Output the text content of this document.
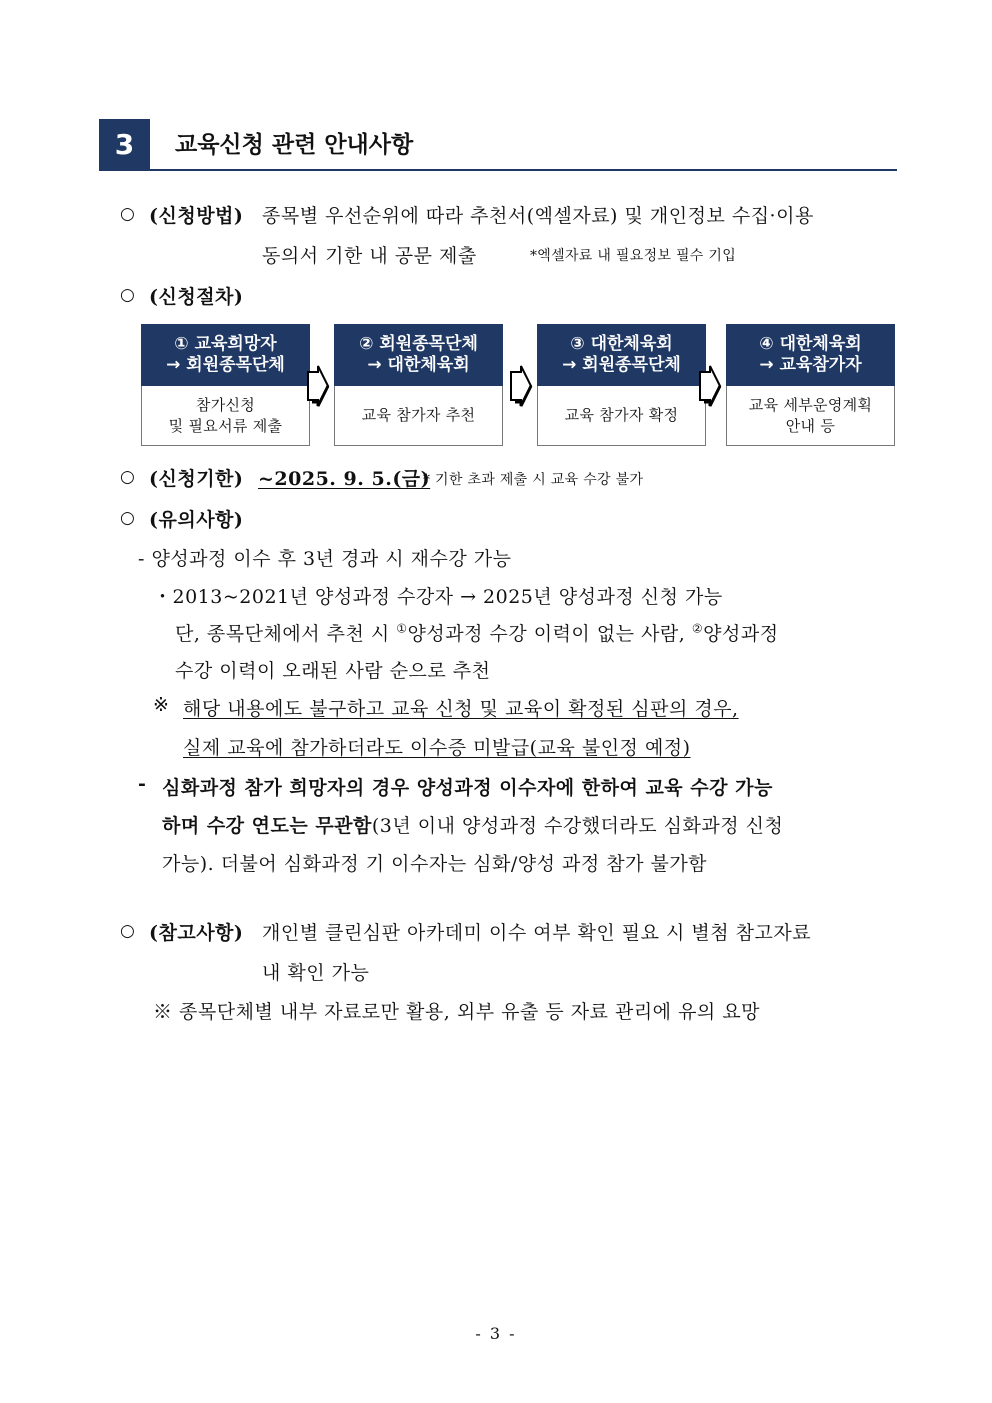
3	교육신청 관련 안내사항
○ (신청방법) 종목별 우선순위에 따라 추천서(엑셀자료) 및 개인정보 수집·이용
동의서 기한 내 공문 제출	*엑셀자료 내 필요정보 필수 기입
○ (신청절차)
① 교육희망자
→ 회원종목단체
참가신청
및 필요서류 제출
② 회원종목단체
→ 대한체육회
교육 참가자 추천
③ 대한체육회
→ 회원종목단체
교육 참가자 확정
④ 대한체육회
→ 교육참가자
교육 세부운영계획
안내 등
○ (신청기한) ~2025. 9. 5.(금)
* 기한 초과 제출 시 교육 수강 불가
○ (유의사항)
- 양성과정 이수 후 3년 경과 시 재수강 가능
・2013~2021년 양성과정 수강자 → 2025년 양성과정 신청 가능
단, 종목단체에서 추천 시 ①양성과정 수강 이력이 없는 사람, ②양성과정
수강 이력이 오래된 사람 순으로 추천
※ 해당 내용에도 불구하고 교육 신청 및 교육이 확정된 심판의 경우,
실제 교육에 참가하더라도 이수증 미발급(교육 불인정 예정)
- 심화과정 참가 희망자의 경우 양성과정 이수자에 한하여 교육 수강 가능
하며 수강 연도는 무관함(3년 이내 양성과정 수강했더라도 심화과정 신청
가능). 더불어 심화과정 기 이수자는 심화/양성 과정 참가 불가함
○ (참고사항) 개인별 클린심판 아카데미 이수 여부 확인 필요 시 별첨 참고자료
내 확인 가능
※ 종목단체별 내부 자료로만 활용, 외부 유출 등 자료 관리에 유의 요망
- 3 -
